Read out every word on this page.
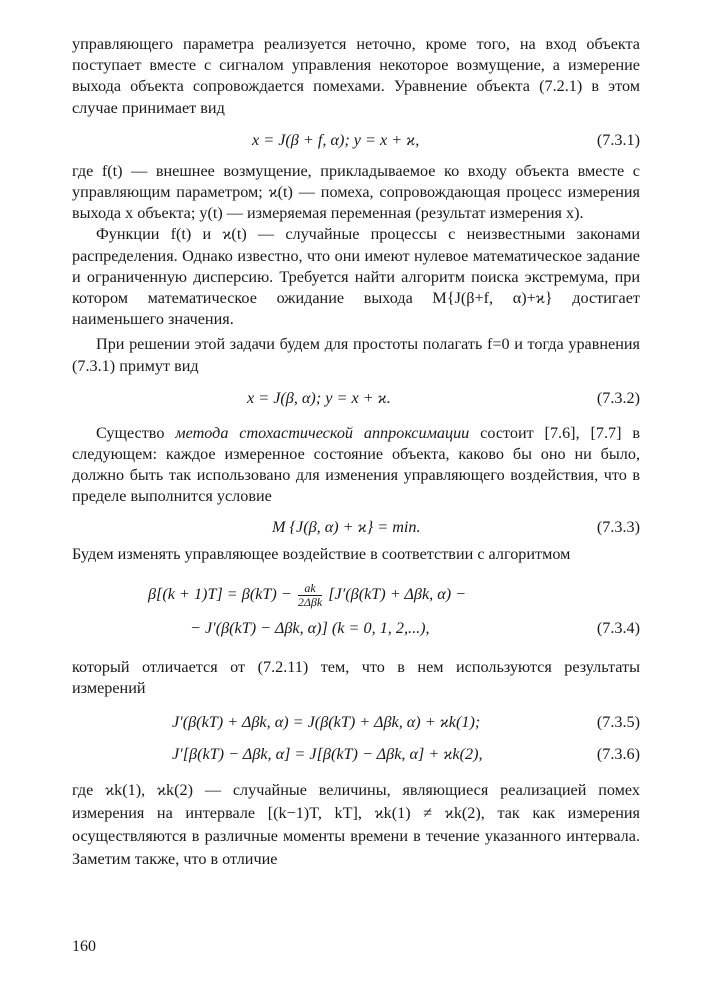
управляющего параметра реализуется неточно, кроме того, на вход объекта поступает вместе с сигналом управления некоторое возмущение, а измерение выхода объекта сопровождается помехами. Уравнение объекта (7.2.1) в этом случае принимает вид

x = J(β + f, α); y = x + ϰ,	(7.3.1)

где f(t) — внешнее возмущение, прикладываемое ко входу объекта вместе с управляющим параметром; ϰ(t) — помеха, сопровождающая процесс измерения выхода x объекта; y(t) — измеряемая переменная (результат измерения x).

Функции f(t) и ϰ(t) — случайные процессы с неизвестными законами распределения. Однако известно, что они имеют нулевое математическое задание и ограниченную дисперсию. Требуется найти алгоритм поиска экстремума, при котором математическое ожидание выхода M{J(β+f, α)+ϰ} достигает наименьшего значения.

При решении этой задачи будем для простоты полагать f=0 и тогда уравнения (7.3.1) примут вид

x = J(β, α); y = x + ϰ.	(7.3.2)

Существо метода стохастической аппроксимации состоит [7.6], [7.7] в следующем: каждое измеренное состояние объекта, каково бы оно ни было, должно быть так использовано для изменения управляющего воздействия, что в пределе выполнится условие

M {J(β, α) + ϰ} = min.	(7.3.3)

Будем изменять управляющее воздействие в соответствии с алгоритмом

$\beta[(k + 1)T] = \beta(kT) - \frac{ak}{\text{2Δβk}} [J'(\beta(kT) + \Delta\beta k$, α) −
− J′(β(kT) − Δβk, α)] (k = 0, 1, 2,...),	(7.3.4)

который отличается от (7.2.11) тем, что в нем используются результаты измерений

J′(β(kT) + Δβk, α) = J(β(kT) + Δβk, α) + ϰk(1);	(7.3.5)
J′[β(kT) − Δβk, α] = J[β(kT) − Δβk, α] + ϰk(2),	(7.3.6)

где ϰk(1), ϰk(2) — случайные величины, являющиеся реализацией помех измерения на интервале [(k−1)T, kT], ϰk(1) ≠ ϰk(2), так как измерения осуществляются в различные моменты времени в течение указанного интервала. Заметим также, что в отличие

160
